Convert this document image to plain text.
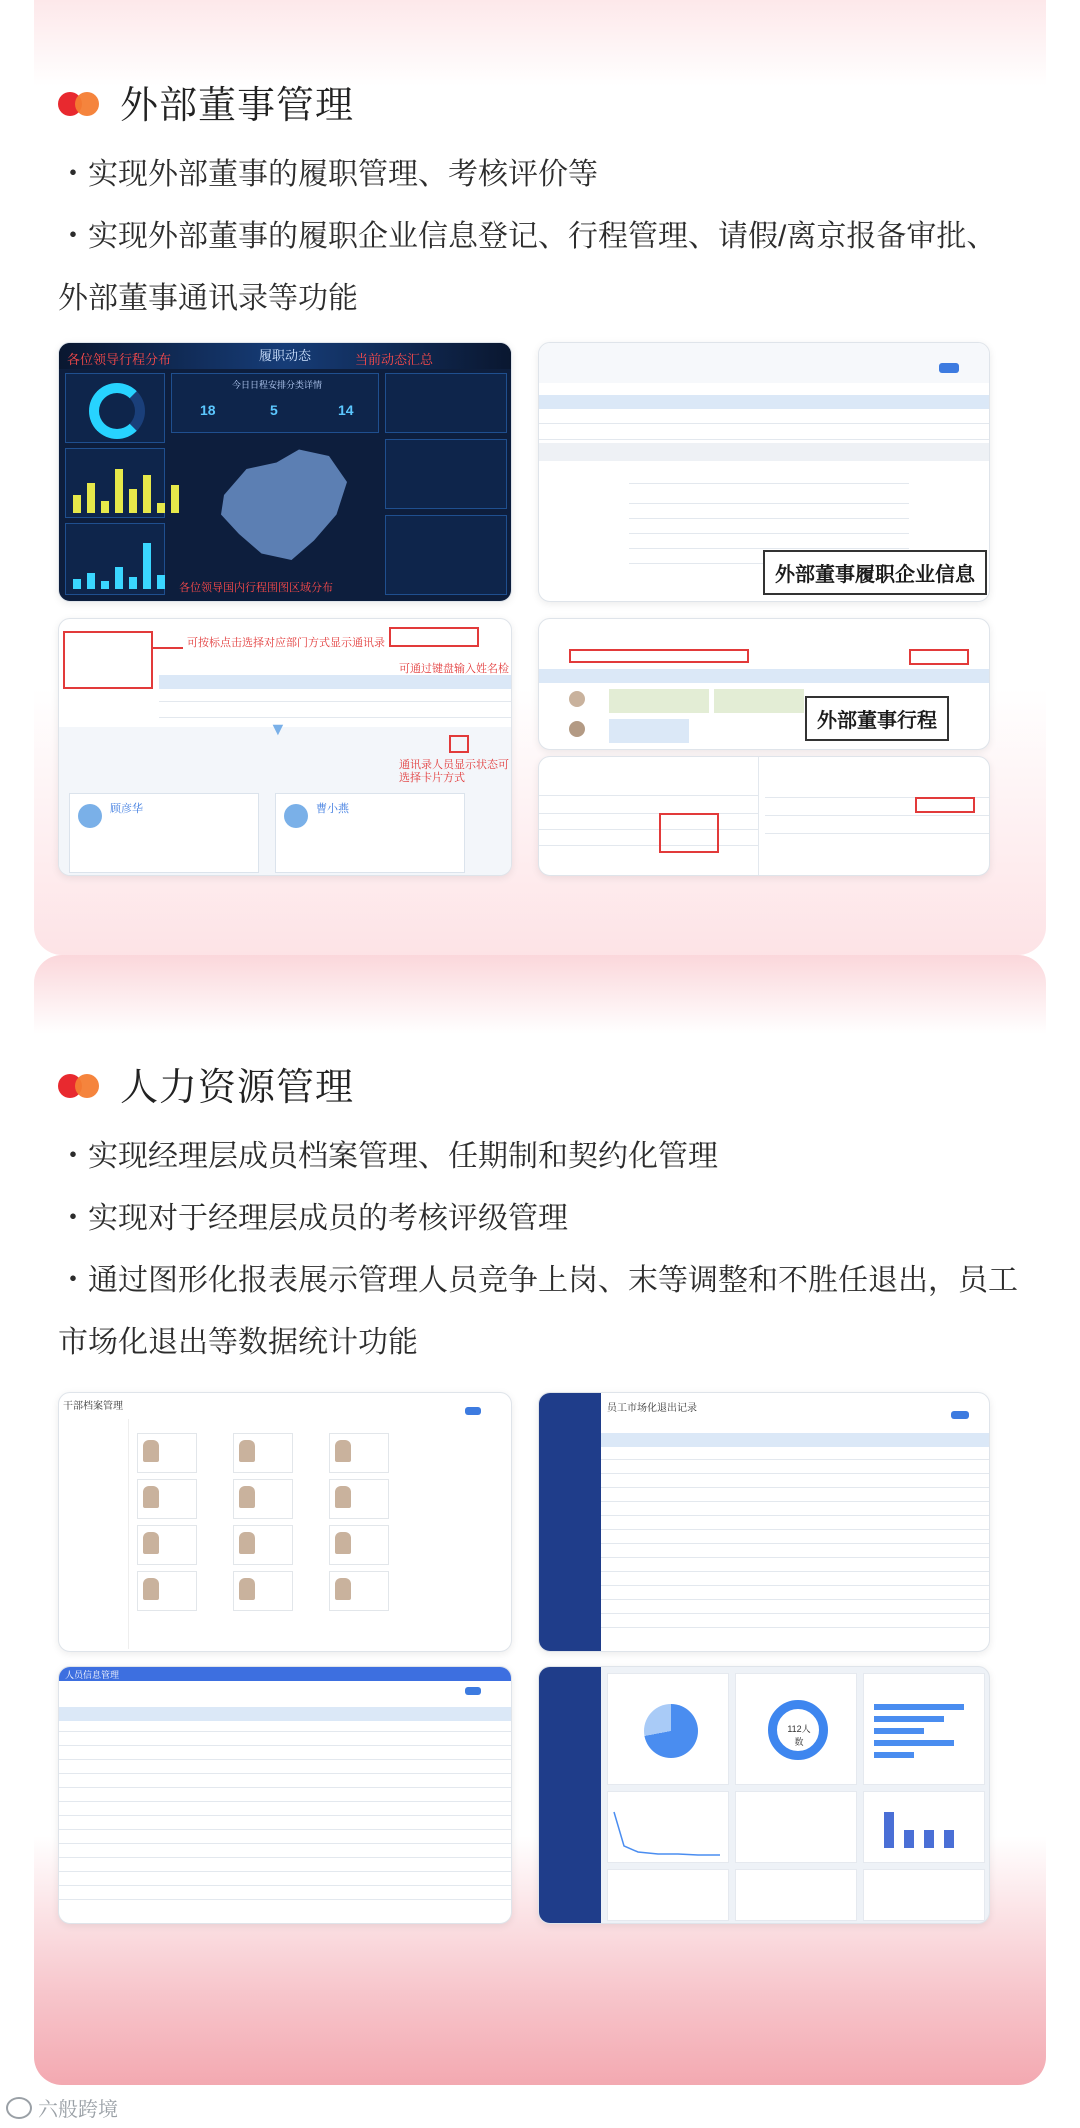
外部董事管理

・实现外部董事的履职管理、考核评价等

・实现外部董事的履职企业信息登记、行程管理、请假/离京报备审批、外部董事通讯录等功能

履职动态
各位领导行程分布	当前动态汇总
今日日程安排分类详情
18	5	14
各位领导国内行程围图区域分布
外部董事履职企业信息
可按标点击选择对应部门方式显示通讯录
可通过键盘输入姓名检
▼
通讯录人员显示状态可选择卡片方式
顾彦华	曹小燕
外部董事行程
人力资源管理

・实现经理层成员档案管理、任期制和契约化管理

・实现对于经理层成员的考核评级管理

・通过图形化报表展示管理人员竞争上岗、末等调整和不胜任退出，员工市场化退出等数据统计功能

干部档案管理	员工市场化退出记录
人员信息管理
112人数
六般跨境
